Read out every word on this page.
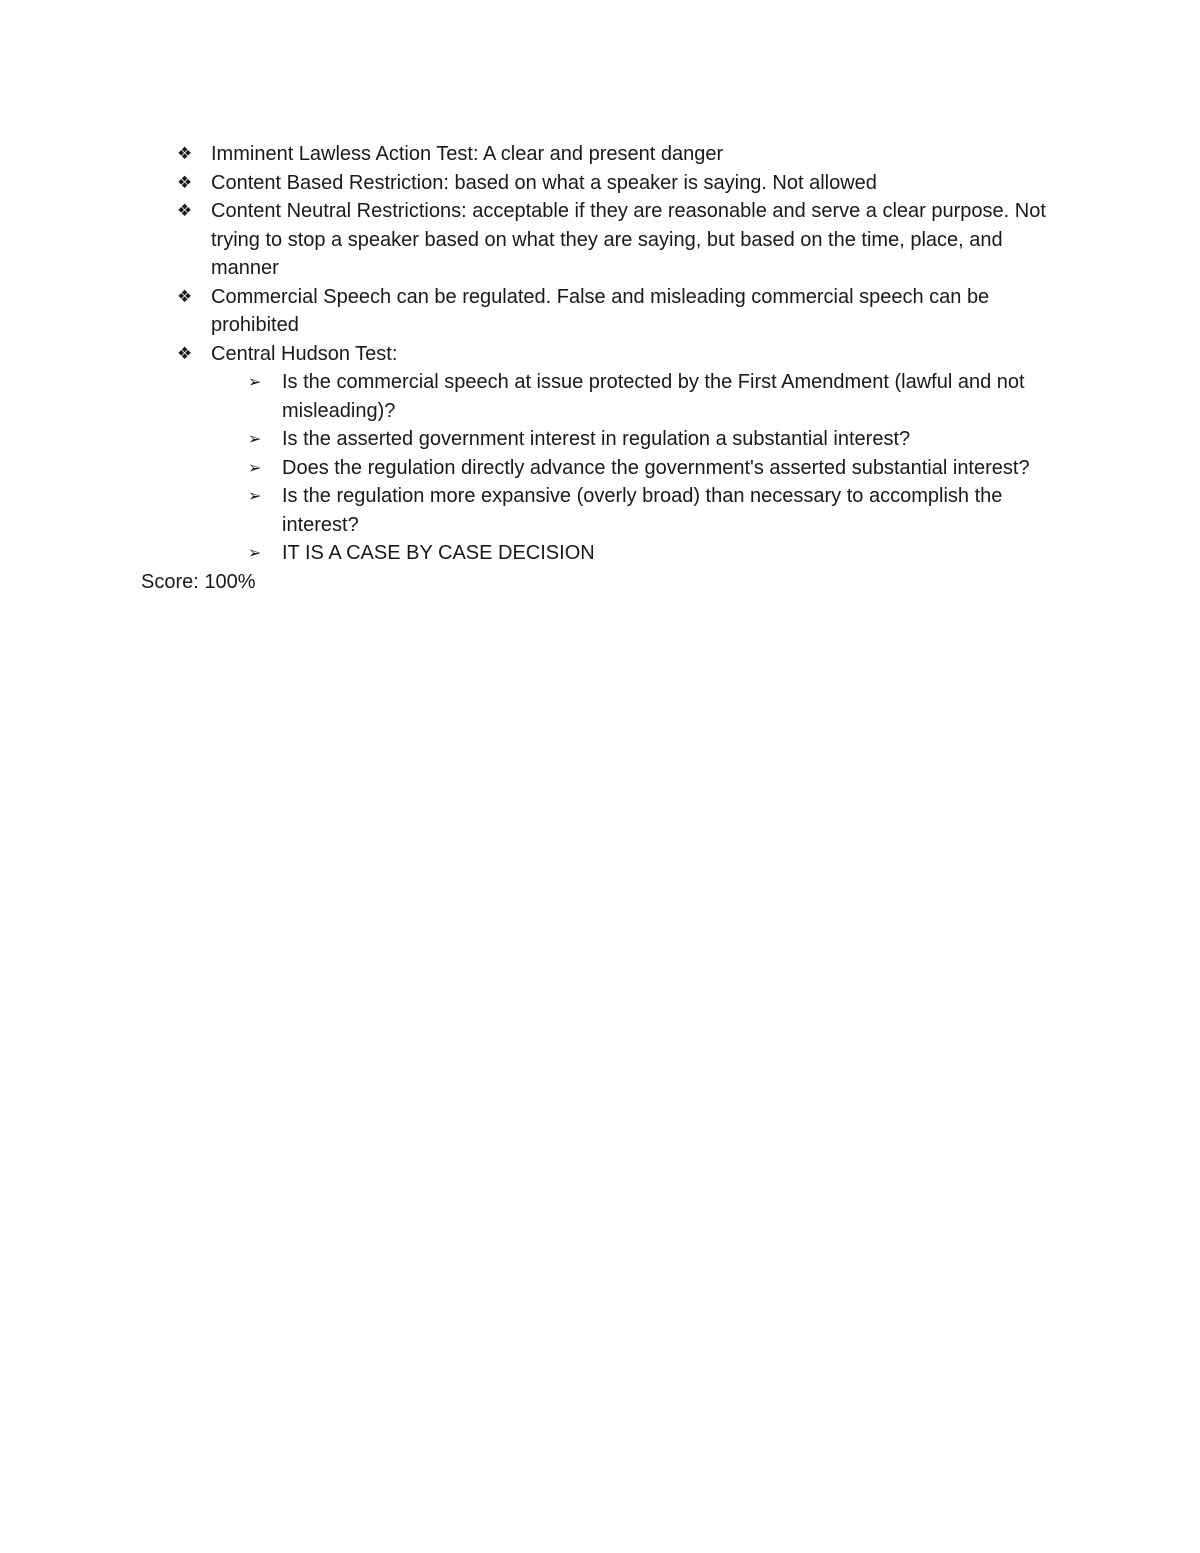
❖ Imminent Lawless Action Test: A clear and present danger
❖ Content Based Restriction: based on what a speaker is saying. Not allowed
❖ Content Neutral Restrictions: acceptable if they are reasonable and serve a clear purpose. Not trying to stop a speaker based on what they are saying, but based on the time, place, and manner
❖ Commercial Speech can be regulated. False and misleading commercial speech can be prohibited
❖ Central Hudson Test:
➢ Is the commercial speech at issue protected by the First Amendment (lawful and not misleading)?
➢ Is the asserted government interest in regulation a substantial interest?
➢ Does the regulation directly advance the government's asserted substantial interest?
➢ Is the regulation more expansive (overly broad) than necessary to accomplish the interest?
➢ IT IS A CASE BY CASE DECISION

Score: 100%
